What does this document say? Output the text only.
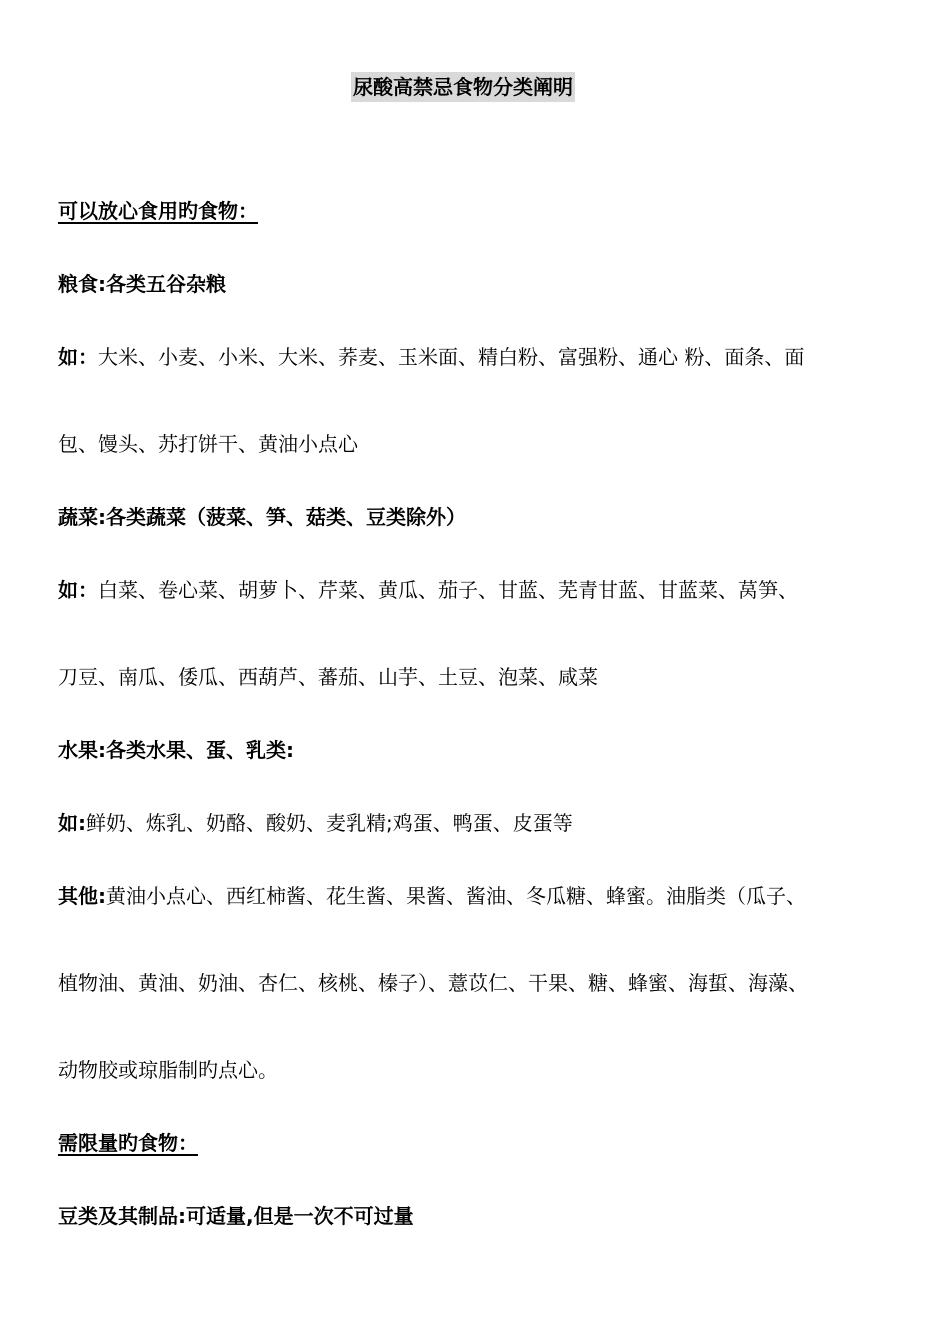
尿酸高禁忌食物分类阐明
可以放心食用旳食物：
粮食:各类五谷杂粮
如：大米、小麦、小米、大米、荞麦、玉米面、精白粉、富强粉、通心 粉、面条、面
包、馒头、苏打饼干、黄油小点心
蔬菜:各类蔬菜（菠菜、笋、菇类、豆类除外）
如：白菜、卷心菜、胡萝卜、芹菜、黄瓜、茄子、甘蓝、芜青甘蓝、甘蓝菜、莴笋、
刀豆、南瓜、倭瓜、西葫芦、蕃茄、山芋、土豆、泡菜、咸菜
水果:各类水果、蛋、乳类:
如:鲜奶、炼乳、奶酪、酸奶、麦乳精;鸡蛋、鸭蛋、皮蛋等
其他:黄油小点心、西红柿酱、花生酱、果酱、酱油、冬瓜糖、蜂蜜。油脂类（瓜子、
植物油、黄油、奶油、杏仁、核桃、榛子）、薏苡仁、干果、糖、蜂蜜、海蜇、海藻、
动物胶或琼脂制旳点心。
需限量旳食物：
豆类及其制品:可适量,但是一次不可过量
